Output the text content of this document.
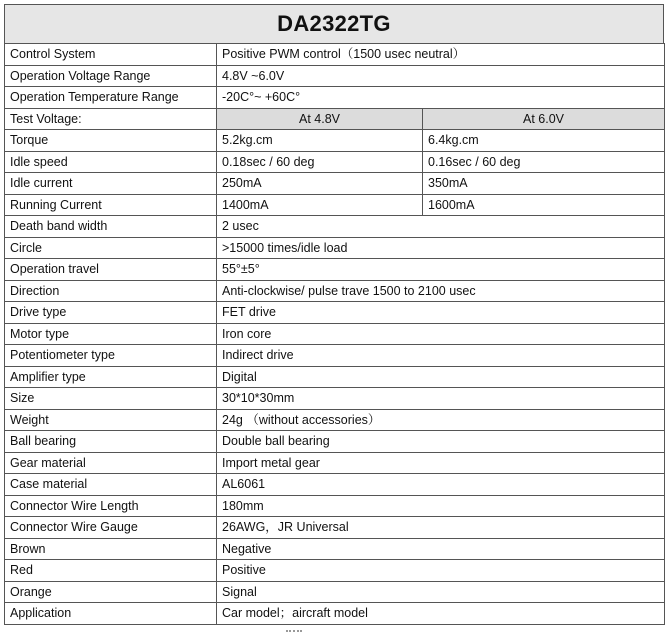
DA2322TG
Control System	Positive PWM control（1500 usec neutral）	
Operation Voltage Range	4.8V ~6.0V	
Operation Temperature Range	-20C°~ +60C°	
Test Voltage:	At 4.8V	At 6.0V
Torque	5.2kg.cm	6.4kg.cm
Idle speed	0.18sec / 60 deg	0.16sec / 60 deg
Idle current	250mA	350mA
Running Current	1400mA	1600mA
Death band width	2 usec	
Circle	>15000 times/idle load	
Operation travel	55°±5°	
Direction	Anti-clockwise/ pulse trave 1500 to 2100 usec	
Drive type	FET drive	
Motor type	Iron core	
Potentiometer type	Indirect drive	
Amplifier type	Digital	
Size	30*10*30mm	
Weight	24g （without accessories）	
Ball bearing	Double ball bearing	
Gear material	Import metal gear	
Case material	AL6061	
Connector Wire Length	180mm	
Connector Wire Gauge	26AWG，JR Universal	
Brown	Negative	
Red	Positive	
Orange	Signal	
Application	Car model；aircraft model	
